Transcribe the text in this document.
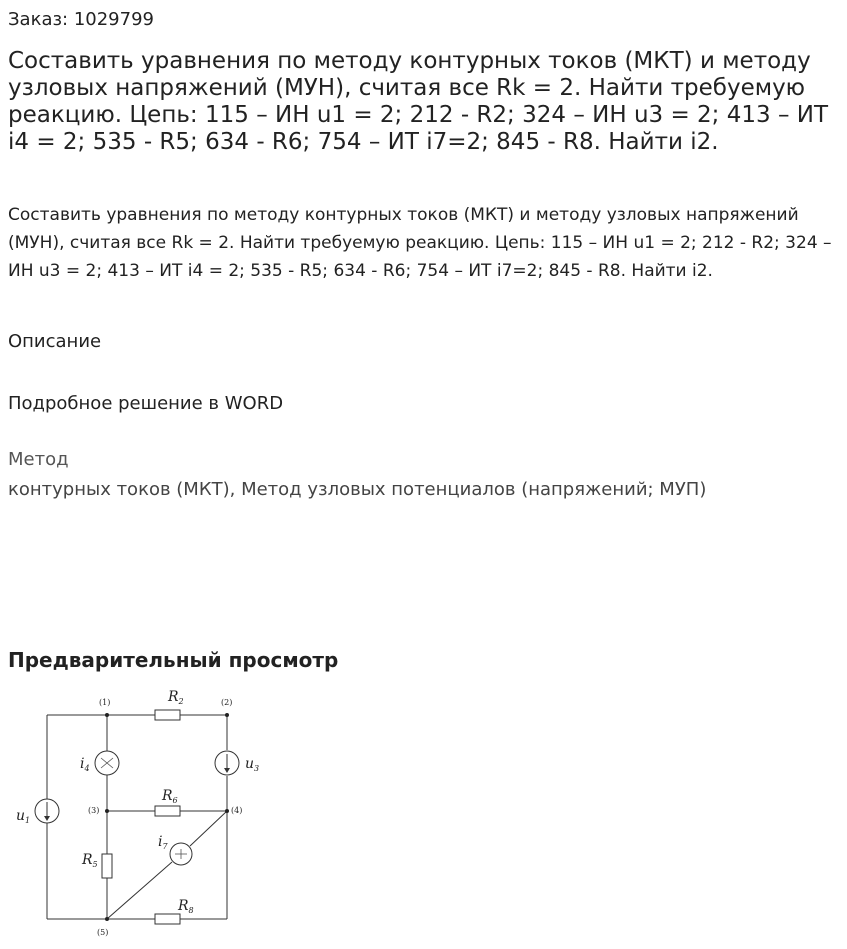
Заказ: 1029799
Составить уравнения по методу контурных токов (МКТ) и методу узловых напряжений (МУН), считая все Rk = 2. Найти требуемую реакцию. Цепь: 115 – ИН u1 = 2; 212 - R2; 324 – ИН u3 = 2; 413 – ИТ i4 = 2; 535 - R5; 634 - R6; 754 – ИТ i7=2; 845 - R8. Найти i2.

Составить уравнения по методу контурных токов (МКТ) и методу узловых напряжений (МУН), считая все Rk = 2. Найти требуемую реакцию. Цепь: 115 – ИН u1 = 2; 212 - R2; 324 – ИН u3 = 2; 413 – ИТ i4 = 2; 535 - R5; 634 - R6; 754 – ИТ i7=2; 845 - R8. Найти i2.

Описание
Подробное решение в WORD
Метод
контурных токов (МКТ), Метод узловых потенциалов (напряжений; МУП)
Предварительный просмотр
(1)	(2)
(3)	(4)
(5)
$R_2$
$R_6$
$R_5$
$R_8$
$i_4$	$u_3$
$u_1$
$i_7$
